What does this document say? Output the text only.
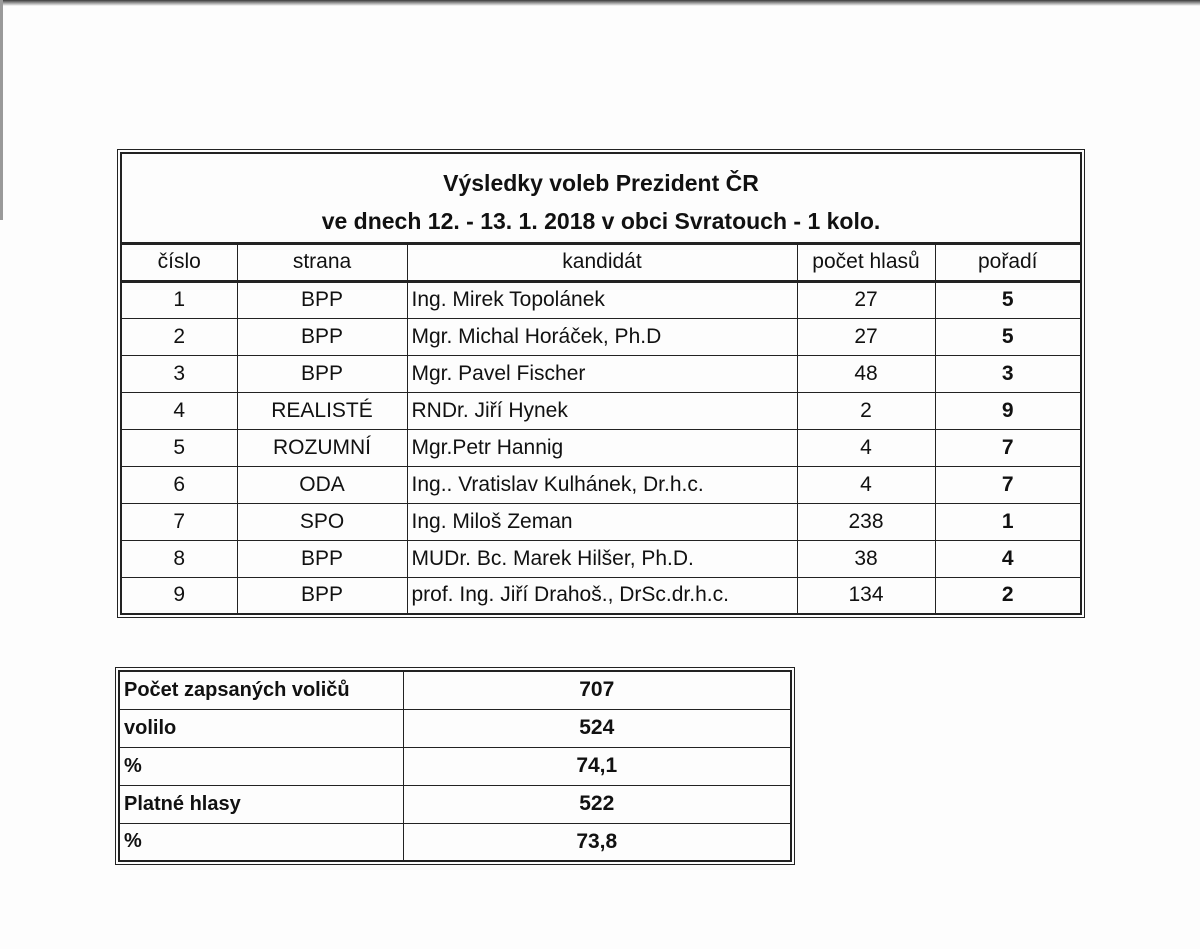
Výsledky voleb Prezident ČR
ve dnech 12. - 13. 1. 2018 v obci Svratouch - 1 kolo.				

číslo	strana	kandidát	počet hlasů	pořadí
1	BPP	Ing. Mirek Topolánek	27	5
2	BPP	Mgr. Michal Horáček, Ph.D	27	5
3	BPP	Mgr. Pavel Fischer	48	3
4	REALISTÉ	RNDr. Jiří Hynek	2	9
5	ROZUMNÍ	Mgr.Petr Hannig	4	7
6	ODA	Ing.. Vratislav Kulhánek, Dr.h.c.	4	7
7	SPO	Ing. Miloš Zeman	238	1
8	BPP	MUDr. Bc. Marek Hilšer, Ph.D.	38	4
9	BPP	prof. Ing. Jiří Drahoš., DrSc.dr.h.c.	134	2
Počet zapsaných voličů	707
volilo	524
%	74,1
Platné hlasy	522
%	73,8
